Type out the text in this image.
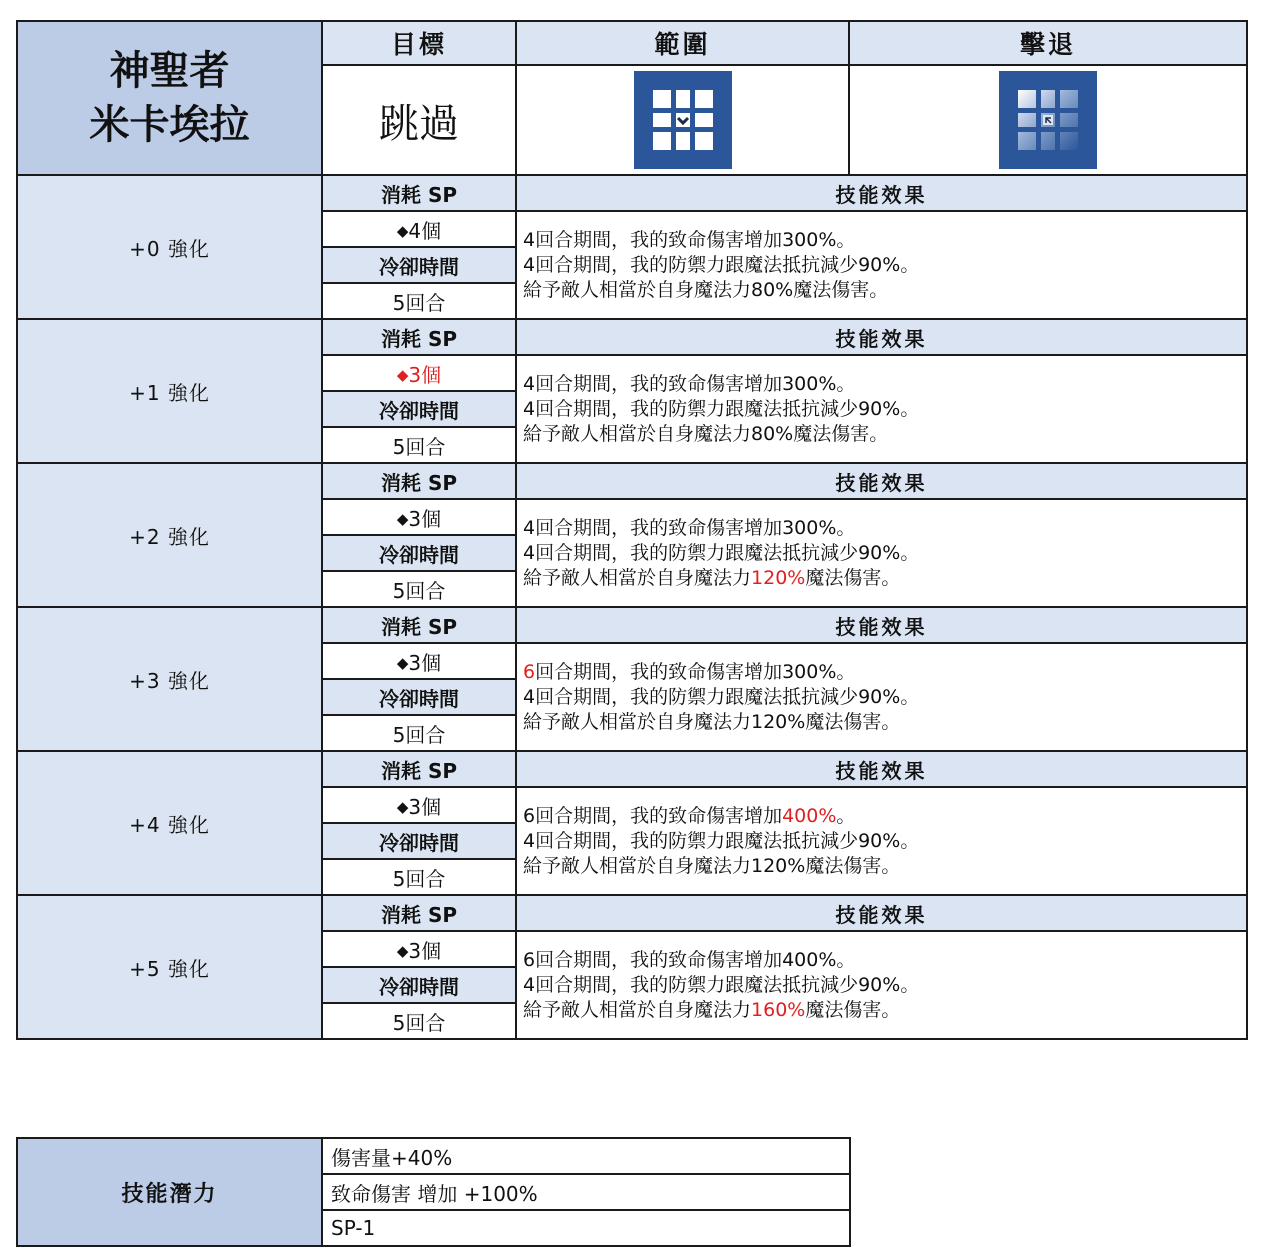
神聖者
米卡埃拉	目標	範圍	擊退
	跳過	

+0 強化	消耗 SP	技能效果	
	◆4個	4回合期間，我的致命傷害增加300%。
4回合期間，我的防禦力跟魔法抵抗減少90%。
給予敵人相當於自身魔法力80%魔法傷害。	

	冷卻時間		
	5回合		
+1 強化	消耗 SP	技能效果	
	◆3個	4回合期間，我的致命傷害增加300%。
4回合期間，我的防禦力跟魔法抵抗減少90%。
給予敵人相當於自身魔法力80%魔法傷害。	

	冷卻時間		
	5回合		
+2 強化	消耗 SP	技能效果	
	◆3個	4回合期間，我的致命傷害增加300%。
4回合期間，我的防禦力跟魔法抵抗減少90%。
給予敵人相當於自身魔法力120%魔法傷害。	

	冷卻時間		
	5回合		
+3 強化	消耗 SP	技能效果	
	◆3個	6回合期間，我的致命傷害增加300%。
4回合期間，我的防禦力跟魔法抵抗減少90%。
給予敵人相當於自身魔法力120%魔法傷害。	

	冷卻時間		
	5回合		
+4 強化	消耗 SP	技能效果	
	◆3個	6回合期間，我的致命傷害增加400%。
4回合期間，我的防禦力跟魔法抵抗減少90%。
給予敵人相當於自身魔法力120%魔法傷害。	

	冷卻時間		
	5回合		
+5 強化	消耗 SP	技能效果	
	◆3個	6回合期間，我的致命傷害增加400%。
4回合期間，我的防禦力跟魔法抵抗減少90%。
給予敵人相當於自身魔法力160%魔法傷害。	

	冷卻時間		
	5回合		
技能潛力	傷害量+40%
致命傷害 增加 +100%
SP-1
